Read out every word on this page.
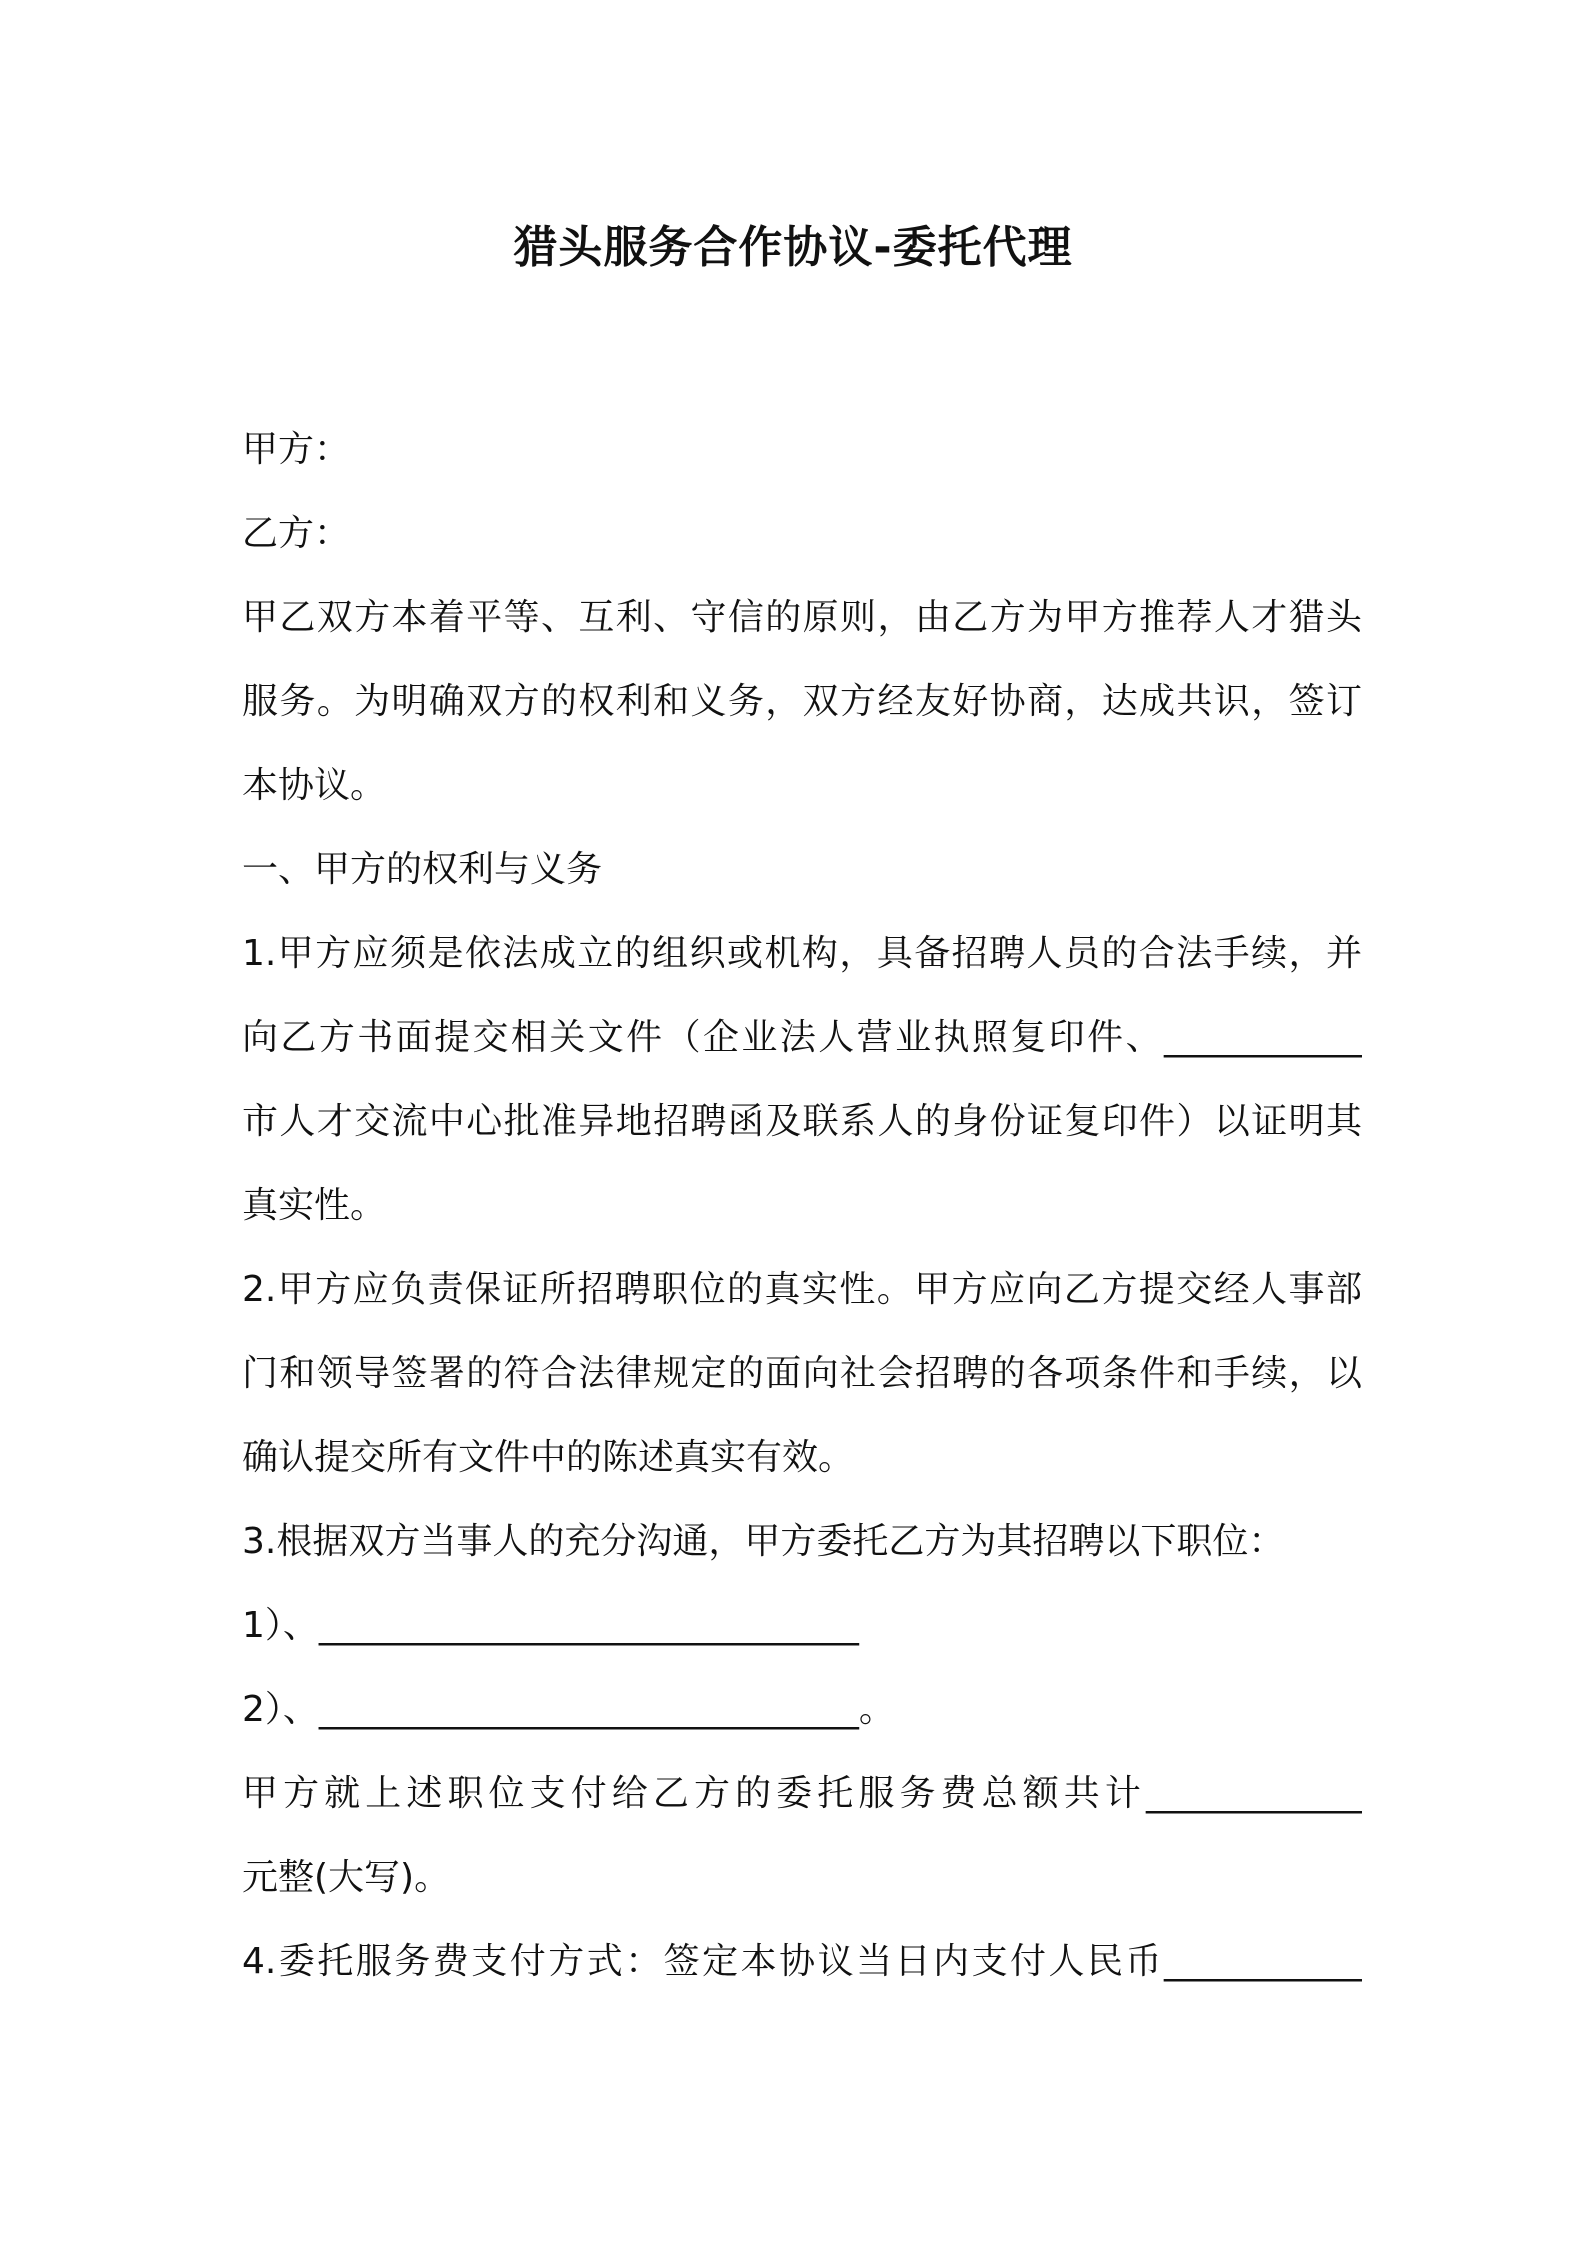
猎头服务合作协议-委托代理
甲方：
乙方：
甲乙双方本着平等、互利、守信的原则，由乙方为甲方推荐人才猎头
服务。为明确双方的权利和义务，双方经友好协商，达成共识，签订
本协议。
一、甲方的权利与义务
1.甲方应须是依法成立的组织或机构，具备招聘人员的合法手续，并
向乙方书面提交相关文件（企业法人营业执照复印件、___________
市人才交流中心批准异地招聘函及联系人的身份证复印件）以证明其
真实性。
2.甲方应负责保证所招聘职位的真实性。甲方应向乙方提交经人事部
门和领导签署的符合法律规定的面向社会招聘的各项条件和手续，以
确认提交所有文件中的陈述真实有效。
3.根据双方当事人的充分沟通，甲方委托乙方为其招聘以下职位：
1）、______________________________
2）、______________________________。
甲方就上述职位支付给乙方的委托服务费总额共计____________
元整(大写)。
4.委托服务费支付方式：签定本协议当日内支付人民币___________
